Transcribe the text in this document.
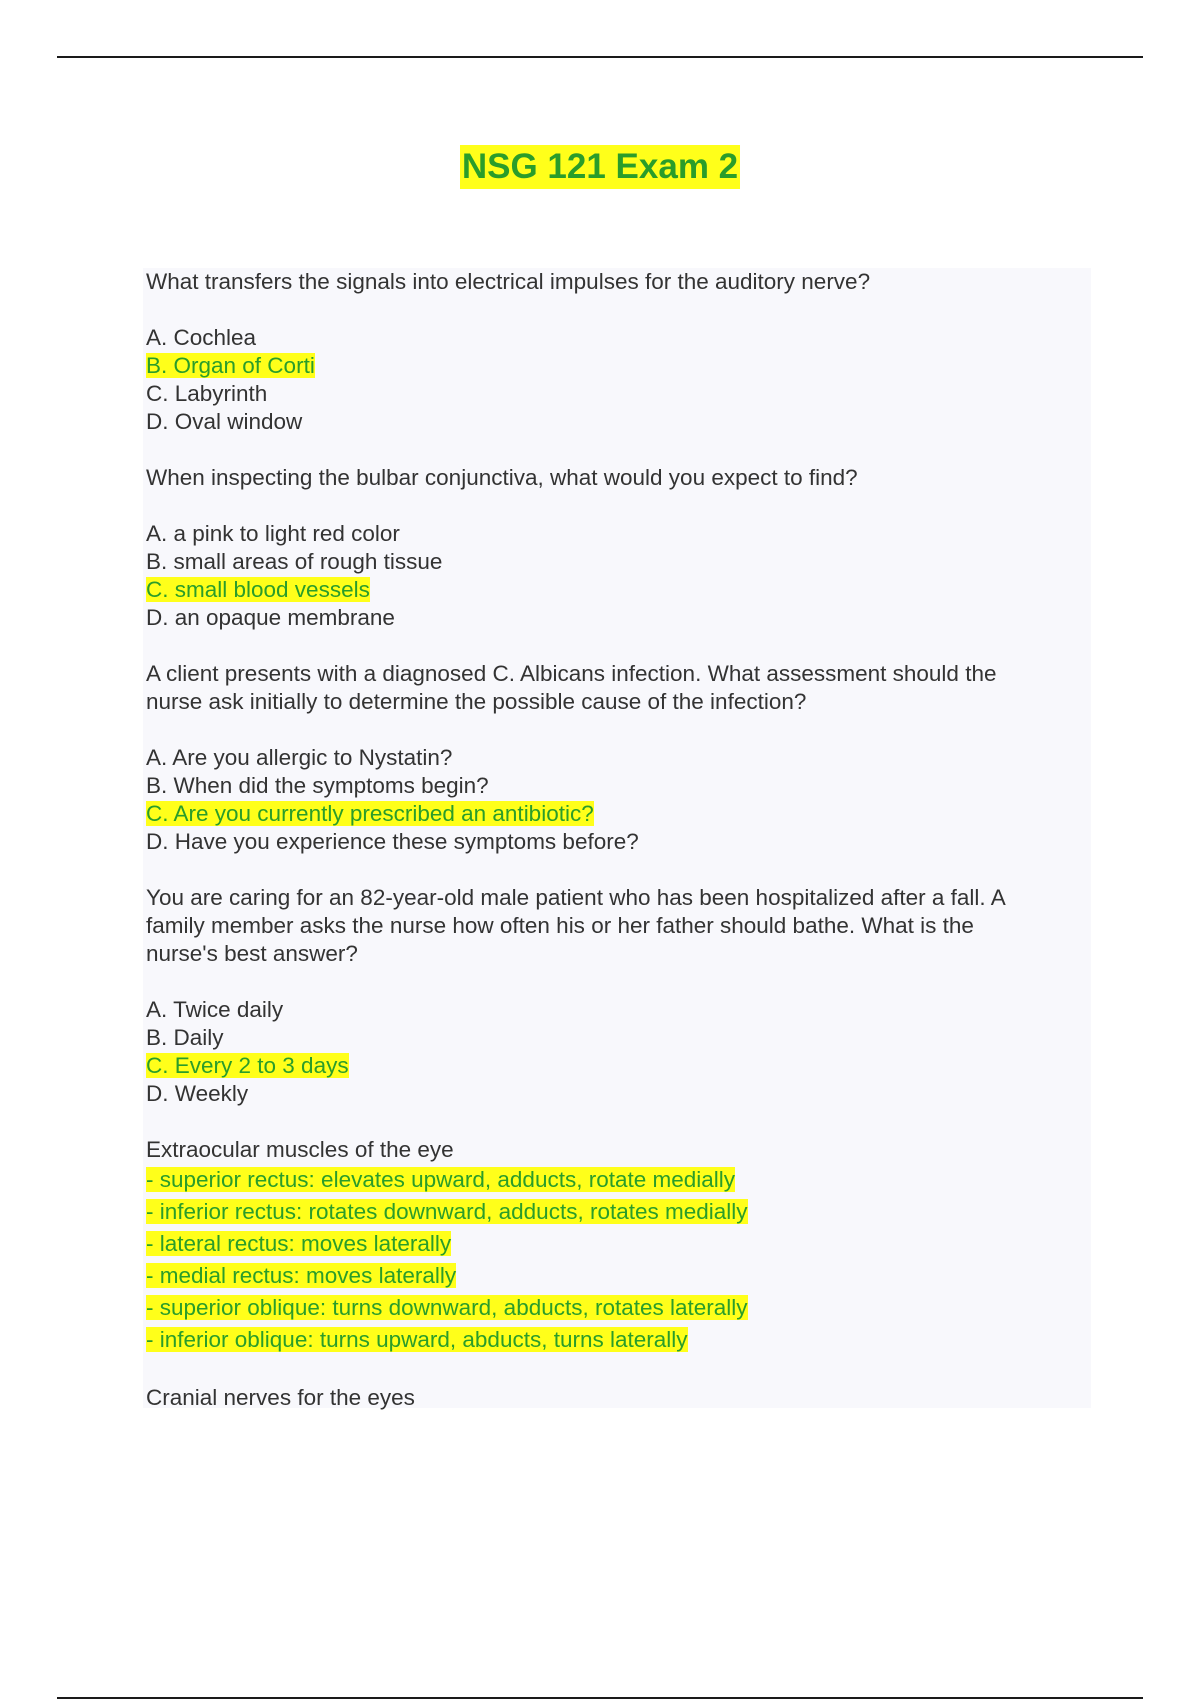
NSG 121 Exam 2
What transfers the signals into electrical impulses for the auditory nerve?
A. Cochlea
B. Organ of Corti
C. Labyrinth
D. Oval window
When inspecting the bulbar conjunctiva, what would you expect to find?
A. a pink to light red color
B. small areas of rough tissue
C. small blood vessels
D. an opaque membrane
A client presents with a diagnosed C. Albicans infection. What assessment should the
nurse ask initially to determine the possible cause of the infection?
A. Are you allergic to Nystatin?
B. When did the symptoms begin?
C. Are you currently prescribed an antibiotic?
D. Have you experience these symptoms before?
You are caring for an 82-year-old male patient who has been hospitalized after a fall. A
family member asks the nurse how often his or her father should bathe. What is the
nurse's best answer?
A. Twice daily
B. Daily
C. Every 2 to 3 days
D. Weekly
Extraocular muscles of the eye
- superior rectus: elevates upward, adducts, rotate medially
- inferior rectus: rotates downward, adducts, rotates medially
- lateral rectus: moves laterally
- medial rectus: moves laterally
- superior oblique: turns downward, abducts, rotates laterally
- inferior oblique: turns upward, abducts, turns laterally
Cranial nerves for the eyes
